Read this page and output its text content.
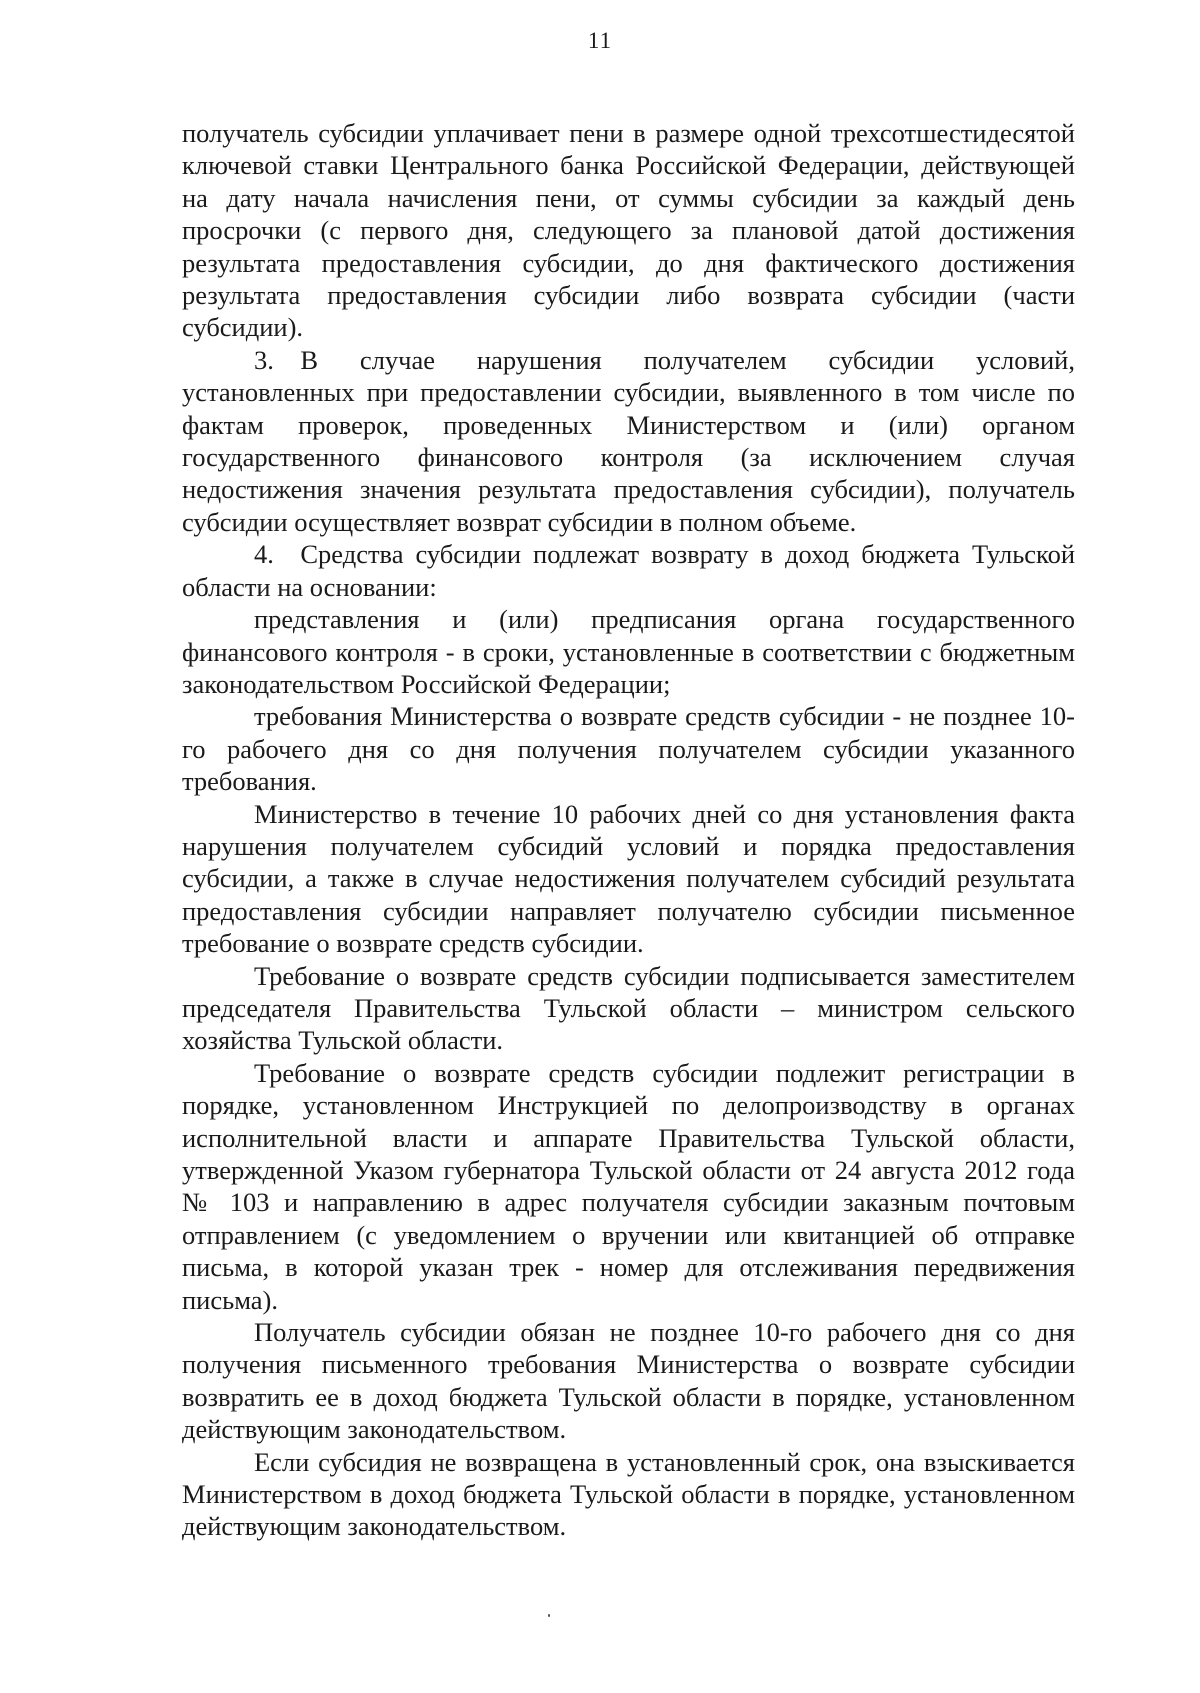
11

получатель субсидии уплачивает пени в размере одной трехсотшестидесятой ключевой ставки Центрального банка Российской Федерации, действующей на дату начала начисления пени, от суммы субсидии за каждый день просрочки (с первого дня, следующего за плановой датой достижения результата предоставления субсидии, до дня фактического достижения результата предоставления субсидии либо возврата субсидии (части субсидии).

3. В случае нарушения получателем субсидии условий, установленных при предоставлении субсидии, выявленного в том числе по фактам проверок, проведенных Министерством и (или) органом государственного финансового контроля (за исключением случая недостижения значения результата предоставления субсидии), получатель субсидии осуществляет возврат субсидии в полном объеме.

4. Средства субсидии подлежат возврату в доход бюджета Тульской области на основании:

представления и (или) предписания органа государственного финансового контроля - в сроки, установленные в соответствии с бюджетным законодательством Российской Федерации;

требования Министерства о возврате средств субсидии - не позднее 10-го рабочего дня со дня получения получателем субсидии указанного требования.

Министерство в течение 10 рабочих дней со дня установления факта нарушения получателем субсидий условий и порядка предоставления субсидии, а также в случае недостижения получателем субсидий результата предоставления субсидии направляет получателю субсидии письменное требование о возврате средств субсидии.

Требование о возврате средств субсидии подписывается заместителем председателя Правительства Тульской области – министром сельского хозяйства Тульской области.

Требование о возврате средств субсидии подлежит регистрации в порядке, установленном Инструкцией по делопроизводству в органах исполнительной власти и аппарате Правительства Тульской области, утвержденной Указом губернатора Тульской области от 24 августа 2012 года № 103 и направлению в адрес получателя субсидии заказным почтовым отправлением (с уведомлением о вручении или квитанцией об отправке письма, в которой указан трек - номер для отслеживания передвижения письма).

Получатель субсидии обязан не позднее 10-го рабочего дня со дня получения письменного требования Министерства о возврате субсидии возвратить ее в доход бюджета Тульской области в порядке, установленном действующим законодательством.

Если субсидия не возвращена в установленный срок, она взыскивается Министерством в доход бюджета Тульской области в порядке, установленном действующим законодательством.
